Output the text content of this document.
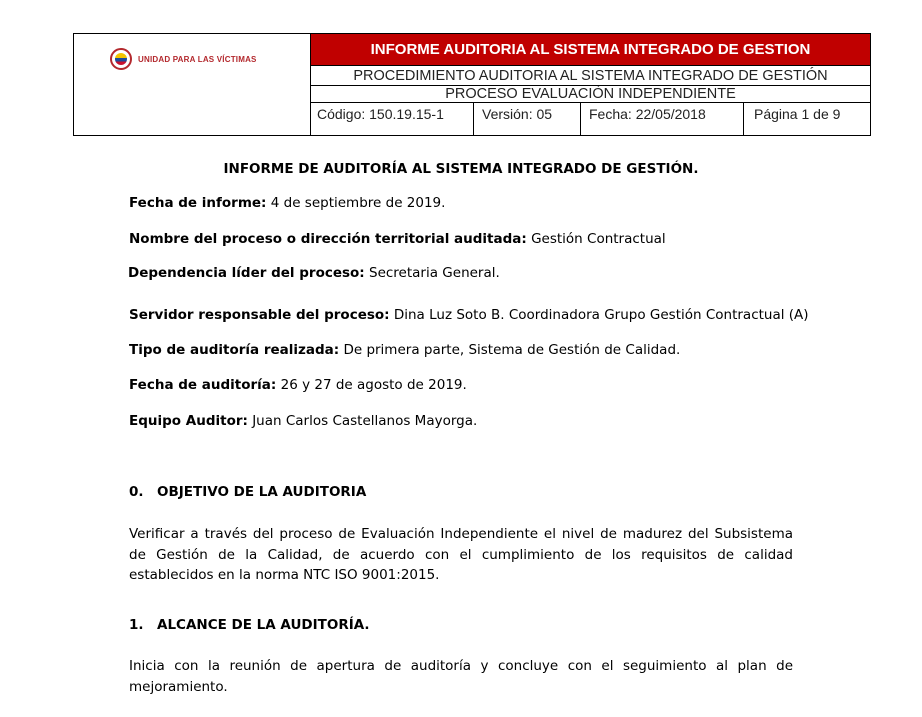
UNIDAD PARA LAS VÍCTIMAS
INFORME AUDITORIA AL SISTEMA INTEGRADO DE GESTION
PROCEDIMIENTO AUDITORIA AL SISTEMA INTEGRADO DE GESTIÓN
PROCESO EVALUACIÒN INDEPENDIENTE
Código: 150.19.15-1	Versión: 05	Fecha: 22/05/2018	Página 1 de 9
INFORME DE AUDITORÍA AL SISTEMA INTEGRADO DE GESTIÓN.
Fecha de informe: 4 de septiembre de 2019.
Nombre del proceso o dirección territorial auditada: Gestión Contractual
Dependencia líder del proceso: Secretaria General.
Servidor responsable del proceso: Dina Luz Soto B. Coordinadora Grupo Gestión Contractual (A)
Tipo de auditoría realizada: De primera parte, Sistema de Gestión de Calidad.
Fecha de auditoría: 26 y 27 de agosto de 2019.
Equipo Auditor: Juan Carlos Castellanos Mayorga.
0. OBJETIVO DE LA AUDITORIA
Verificar a través del proceso de Evaluación Independiente el nivel de madurez del Subsistema de Gestión de la Calidad, de acuerdo con el cumplimiento de los requisitos de calidad establecidos en la norma NTC ISO 9001:2015.
1. ALCANCE DE LA AUDITORÍA.
Inicia con la reunión de apertura de auditoría y concluye con el seguimiento al plan de mejoramiento.
